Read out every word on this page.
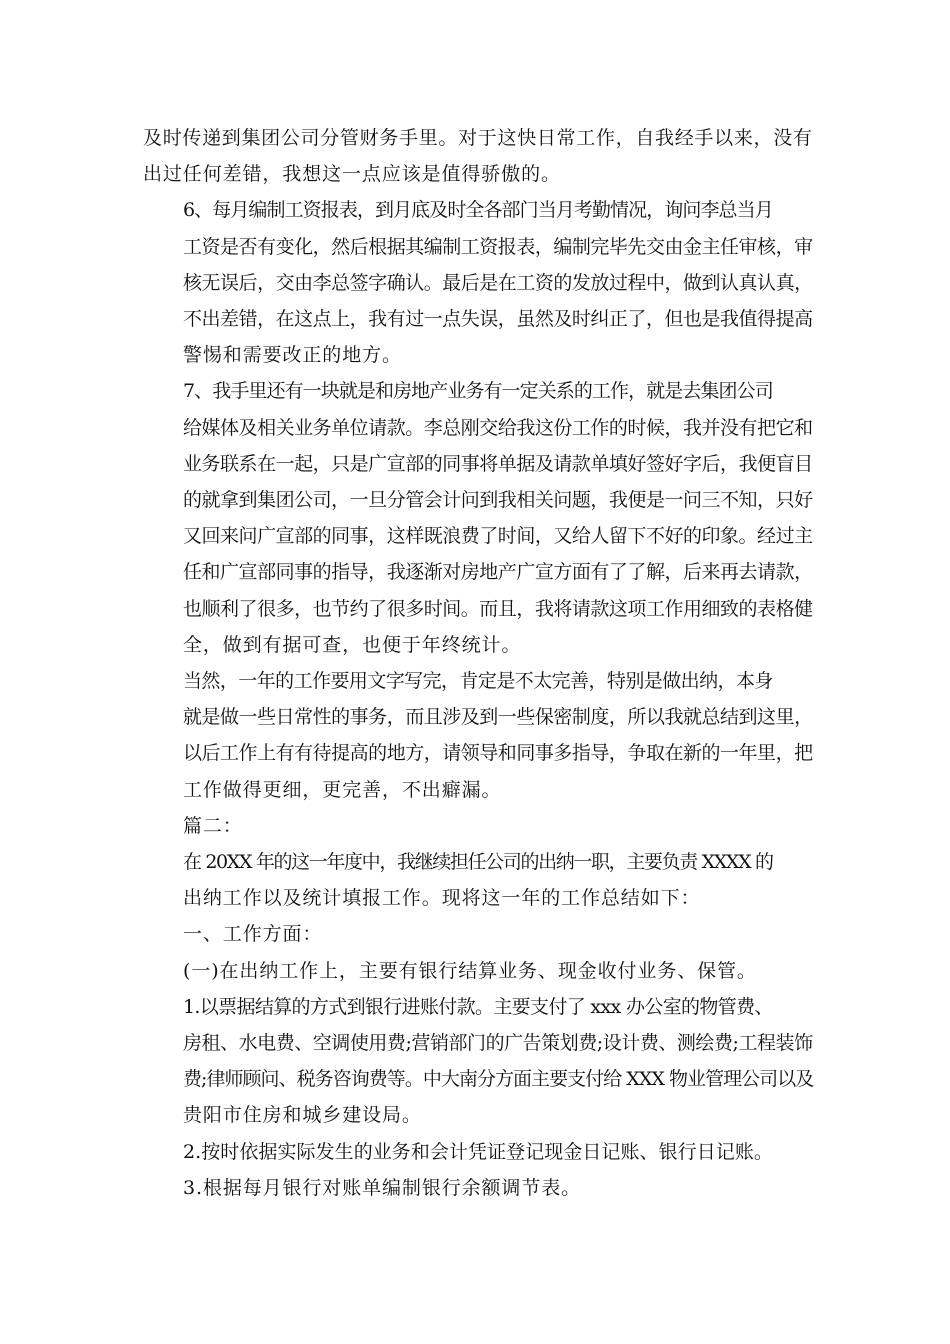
及时传递到集团公司分管财务手里。对于这快日常工作，自我经手以来，没有
出过任何差错，我想这一点应该是值得骄傲的。

6、每月编制工资报表，到月底及时全各部门当月考勤情况，询问李总当月
工资是否有变化，然后根据其编制工资报表，编制完毕先交由金主任审核，审
核无误后，交由李总签字确认。最后是在工资的发放过程中，做到认真认真，
不出差错，在这点上，我有过一点失误，虽然及时纠正了，但也是我值得提高
警惕和需要改正的地方。

7、我手里还有一块就是和房地产业务有一定关系的工作，就是去集团公司
给媒体及相关业务单位请款。李总刚交给我这份工作的时候，我并没有把它和
业务联系在一起，只是广宣部的同事将单据及请款单填好签好字后，我便盲目
的就拿到集团公司，一旦分管会计问到我相关问题，我便是一问三不知，只好
又回来问广宣部的同事，这样既浪费了时间，又给人留下不好的印象。经过主
任和广宣部同事的指导，我逐渐对房地产广宣方面有了了解，后来再去请款，
也顺利了很多，也节约了很多时间。而且，我将请款这项工作用细致的表格健
全，做到有据可查，也便于年终统计。

当然，一年的工作要用文字写完，肯定是不太完善，特别是做出纳，本身
就是做一些日常性的事务，而且涉及到一些保密制度，所以我就总结到这里，
以后工作上有有待提高的地方，请领导和同事多指导，争取在新的一年里，把
工作做得更细，更完善，不出癖漏。

篇二：

在 20XX 年的这一年度中，我继续担任公司的出纳一职，主要负责 XXXX 的
出纳工作以及统计填报工作。现将这一年的工作总结如下：

一、工作方面：

(一)在出纳工作上，主要有银行结算业务、现金收付业务、保管。

1.以票据结算的方式到银行进账付款。主要支付了 xxx 办公室的物管费、
房租、水电费、空调使用费;营销部门的广告策划费;设计费、测绘费;工程装饰
费;律师顾问、税务咨询费等。中大南分方面主要支付给 XXX 物业管理公司以及
贵阳市住房和城乡建设局。

2.按时依据实际发生的业务和会计凭证登记现金日记账、银行日记账。

3.根据每月银行对账单编制银行余额调节表。
